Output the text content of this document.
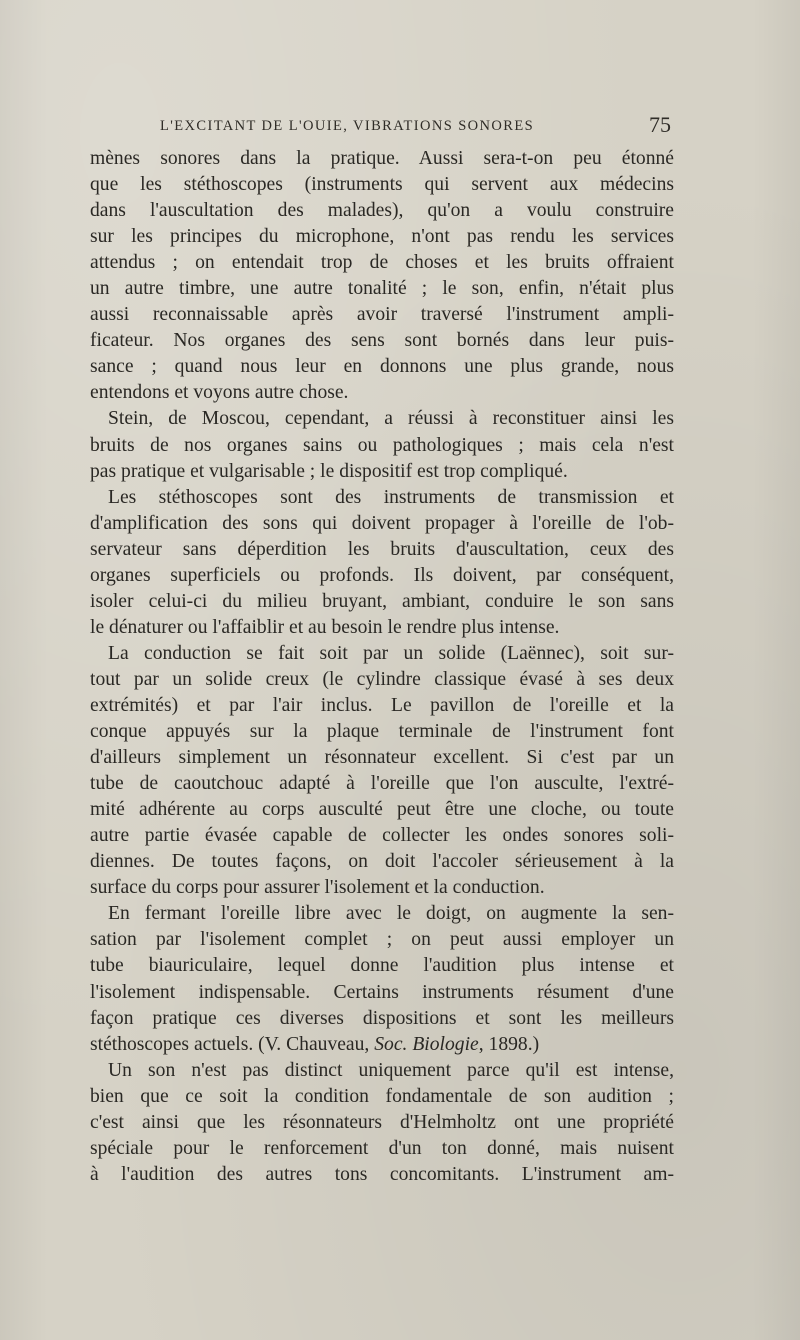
L'EXCITANT DE L'OUIE, VIBRATIONS SONORES	75
mènes sonores dans la pratique. Aussi sera-t-on peu étonné
que les stéthoscopes (instruments qui servent aux médecins
dans l'auscultation des malades), qu'on a voulu construire
sur les principes du microphone, n'ont pas rendu les services
attendus ; on entendait trop de choses et les bruits offraient
un autre timbre, une autre tonalité ; le son, enfin, n'était plus
aussi reconnaissable après avoir traversé l'instrument ampli-
ficateur. Nos organes des sens sont bornés dans leur puis-
sance ; quand nous leur en donnons une plus grande, nous
entendons et voyons autre chose.
Stein, de Moscou, cependant, a réussi à reconstituer ainsi les
bruits de nos organes sains ou pathologiques ; mais cela n'est
pas pratique et vulgarisable ; le dispositif est trop compliqué.
Les stéthoscopes sont des instruments de transmission et
d'amplification des sons qui doivent propager à l'oreille de l'ob-
servateur sans déperdition les bruits d'auscultation, ceux des
organes superficiels ou profonds. Ils doivent, par conséquent,
isoler celui-ci du milieu bruyant, ambiant, conduire le son sans
le dénaturer ou l'affaiblir et au besoin le rendre plus intense.
La conduction se fait soit par un solide (Laënnec), soit sur-
tout par un solide creux (le cylindre classique évasé à ses deux
extrémités) et par l'air inclus. Le pavillon de l'oreille et la
conque appuyés sur la plaque terminale de l'instrument font
d'ailleurs simplement un résonnateur excellent. Si c'est par un
tube de caoutchouc adapté à l'oreille que l'on ausculte, l'extré-
mité adhérente au corps ausculté peut être une cloche, ou toute
autre partie évasée capable de collecter les ondes sonores soli-
diennes. De toutes façons, on doit l'accoler sérieusement à la
surface du corps pour assurer l'isolement et la conduction.
En fermant l'oreille libre avec le doigt, on augmente la sen-
sation par l'isolement complet ; on peut aussi employer un
tube biauriculaire, lequel donne l'audition plus intense et
l'isolement indispensable. Certains instruments résument d'une
façon pratique ces diverses dispositions et sont les meilleurs
stéthoscopes actuels. (V. Chauveau, Soc. Biologie, 1898.)
Un son n'est pas distinct uniquement parce qu'il est intense,
bien que ce soit la condition fondamentale de son audition ;
c'est ainsi que les résonnateurs d'Helmholtz ont une propriété
spéciale pour le renforcement d'un ton donné, mais nuisent
à l'audition des autres tons concomitants. L'instrument am-
